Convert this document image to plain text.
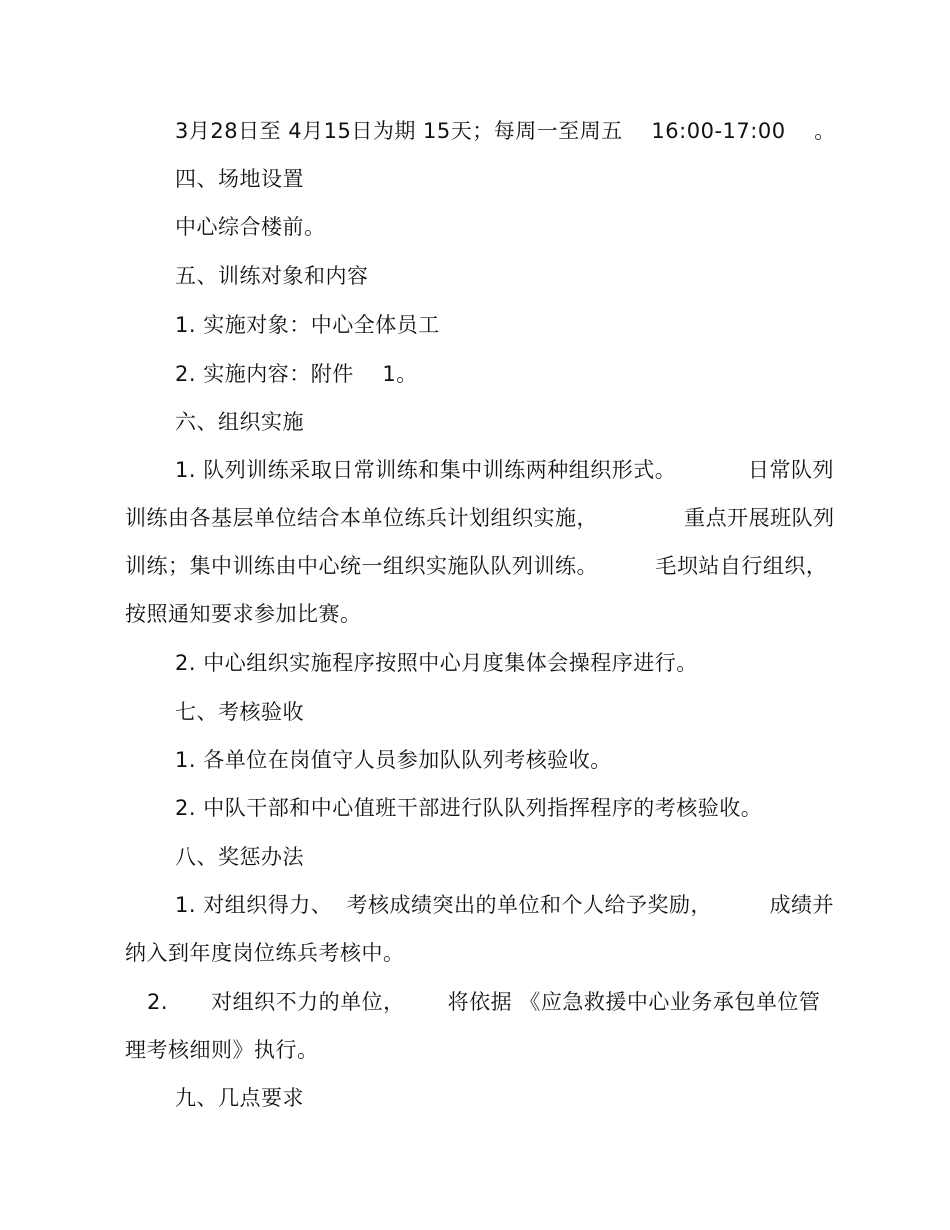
3月28日至 4月15日为期 15天；每周一至周五    16:00-17:00    。
四、场地设置
中心综合楼前。
五、训练对象和内容
1. 实施对象：中心全体员工
2. 实施内容：附件    1。
六、组织实施
1. 队列训练采取日常训练和集中训练两种组织形式。          日常队列
训练由各基层单位结合本单位练兵计划组织实施，            重点开展班队列
训练；集中训练由中心统一组织实施队队列训练。        毛坝站自行组织，
按照通知要求参加比赛。
2. 中心组织实施程序按照中心月度集体会操程序进行。
七、考核验收
1. 各单位在岗值守人员参加队队列考核验收。
2. 中队干部和中心值班干部进行队队列指挥程序的考核验收。
八、奖惩办法
1. 对组织得力、  考核成绩突出的单位和个人给予奖励，        成绩并
纳入到年度岗位练兵考核中。
2.      对组织不力的单位，      将依据 《应急救援中心业务承包单位管
理考核细则》执行。
九、几点要求
